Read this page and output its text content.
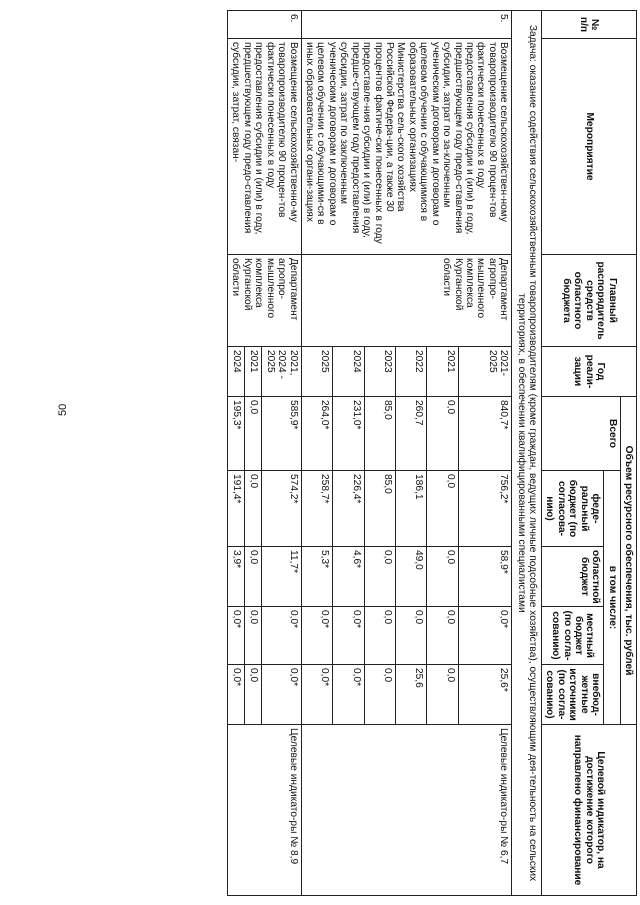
50
№ п/п	Мероприятие	Главный распорядитель средств областного бюджета	Год реали-зации	Объем ресурсного обеспечения, тыс. рублей					Целевой индикатор, на достижение которого направлено финансирование
				Всего	в том числе:				
					феде-ральный бюджет (по согласова-нию)	областной бюджет	местный бюджет (по согла-сованию)	внебюд-жетные источники (по согла-сованию)	
Задача: оказание содействия сельскохозяйственным товаропроизводителям (кроме граждан, ведущих личные подсобные хозяйства), осуществляющим дея-тельность на сельских территориях, в обеспечении квалифицированными специалистами									
5.	Возмещение сельскохозяйствен-ному товаропроизводителю 90 процен-тов фактически понесенных в году предоставления субсидии и (или) в году, предшествующем году предо-ставления субсидии, затрат по за-ключенным ученическим договорам и договорам о целевом обучении с обучающимися в образовательных организациях Министерства сель-ского хозяйства Российской Федера-ции, а также 30 процентов фактиче-ски понесенных в году предоставле-ния субсидии и (или) в году, предше-ствующем году предоставления субсидии, затрат по заключенным ученическим договорам и договорам о целевом обучении с обучающими-ся в иных образовательных органи-зациях	Департамент агропро-мышленного комплекса Курганской области	2021-2025	840,7*	756,2*	58,9*	0,0*	25,6*	Целевые индикато-ры № 6,7
			2021	0,0	0,0	0,0	0,0	0,0	
			2022	260,7	186,1	49,0	0,0	25,6	
			2023	85,0	85,0	0,0	0,0	0,0	
			2024	231,0*	226,4*	4,6*	0,0*	0,0*	
			2025	264,0*	258,7*	5,3*	0,0*	0,0*	
6.	Возмещение сельскохозяйственно-му товаропроизводителю 90 процен-тов фактически понесенных в году предоставления субсидии и (или) в году, предшествующем году предо-ставления субсидии, затрат, связан-	Департамент агропро-мышленного комплекса Курганской области	2021, 2024 - 2025	585,9*	574,2*	11,7*	0,0*	0,0*	Целевые индикато-ры № 8,9
			2021	0,0	0,0	0,0	0,0	0,0	
			2024	195,3*	191,4*	3,9*	0,0*	0,0*	
